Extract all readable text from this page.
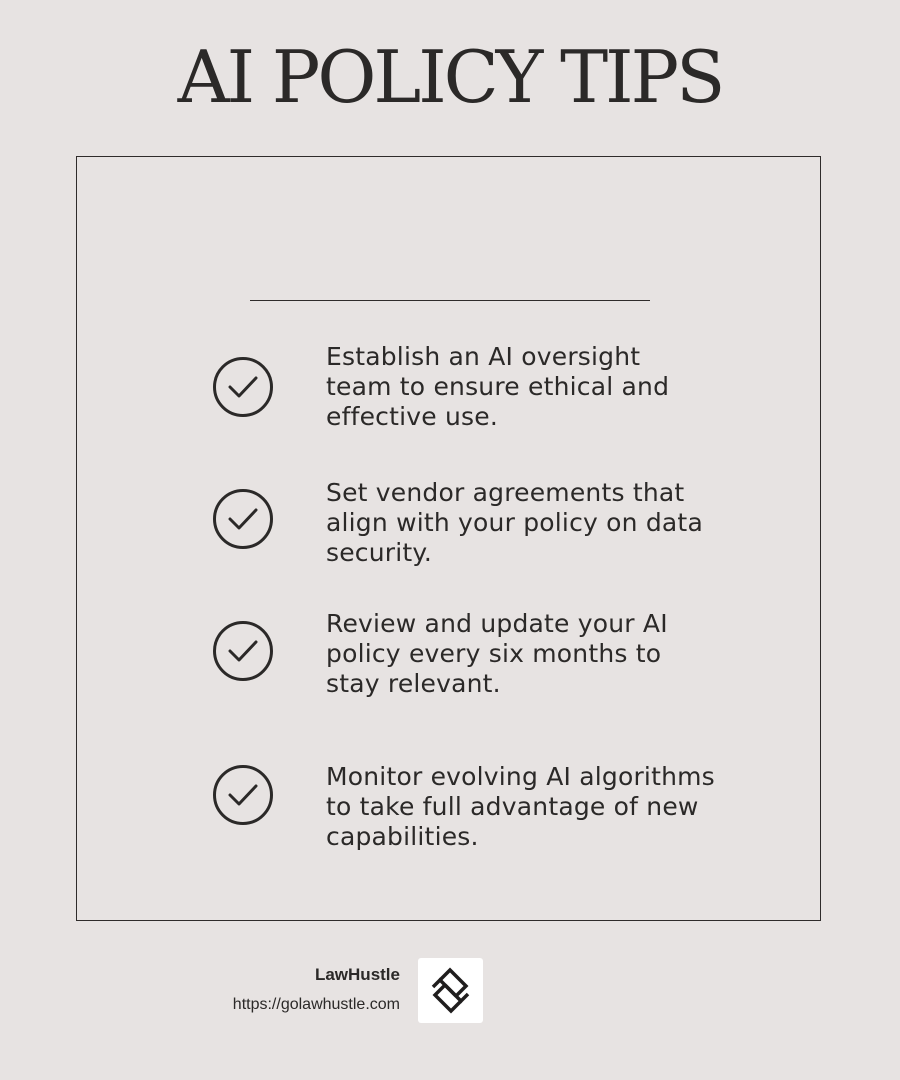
AI POLICY TIPS
Establish an AI oversight
team to ensure ethical and
effective use.
Set vendor agreements that
align with your policy on data
security.
Review and update your AI
policy every six months to
stay relevant.
Monitor evolving AI algorithms
to take full advantage of new
capabilities.
LawHustle
https://golawhustle.com
